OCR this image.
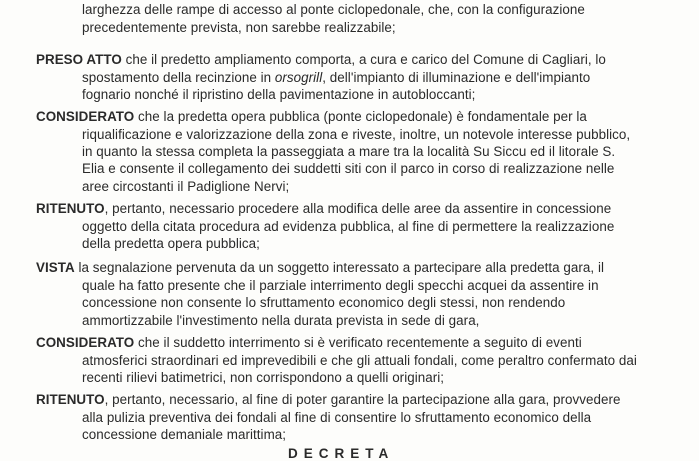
larghezza delle rampe di accesso al ponte ciclopedonale, che, con la configurazione
precedentemente prevista, non sarebbe realizzabile;
PRESO ATTO che il predetto ampliamento comporta, a cura e carico del Comune di Cagliari, lo
spostamento della recinzione in orsogrill, dell'impianto di illuminazione e dell'impianto
fognario nonché il ripristino della pavimentazione in autobloccanti;
CONSIDERATO che la predetta opera pubblica (ponte ciclopedonale) è fondamentale per la
riqualificazione e valorizzazione della zona e riveste, inoltre, un notevole interesse pubblico,
in quanto la stessa completa la passeggiata a mare tra la località Su Siccu ed il litorale S.
Elia e consente il collegamento dei suddetti siti con il parco in corso di realizzazione nelle
aree circostanti il Padiglione Nervi;
RITENUTO, pertanto, necessario procedere alla modifica delle aree da assentire in concessione
oggetto della citata procedura ad evidenza pubblica, al fine di permettere la realizzazione
della predetta opera pubblica;
VISTA la segnalazione pervenuta da un soggetto interessato a partecipare alla predetta gara, il
quale ha fatto presente che il parziale interrimento degli specchi acquei da assentire in
concessione non consente lo sfruttamento economico degli stessi, non rendendo
ammortizzabile l'investimento nella durata prevista in sede di gara,
CONSIDERATO che il suddetto interrimento si è verificato recentemente a seguito di eventi
atmosferici straordinari ed imprevedibili e che gli attuali fondali, come peraltro confermato dai
recenti rilievi batimetrici, non corrispondono a quelli originari;
RITENUTO, pertanto, necessario, al fine di poter garantire la partecipazione alla gara, provvedere
alla pulizia preventiva dei fondali al fine di consentire lo sfruttamento economico della
concessione demaniale marittima;
DECRETA
